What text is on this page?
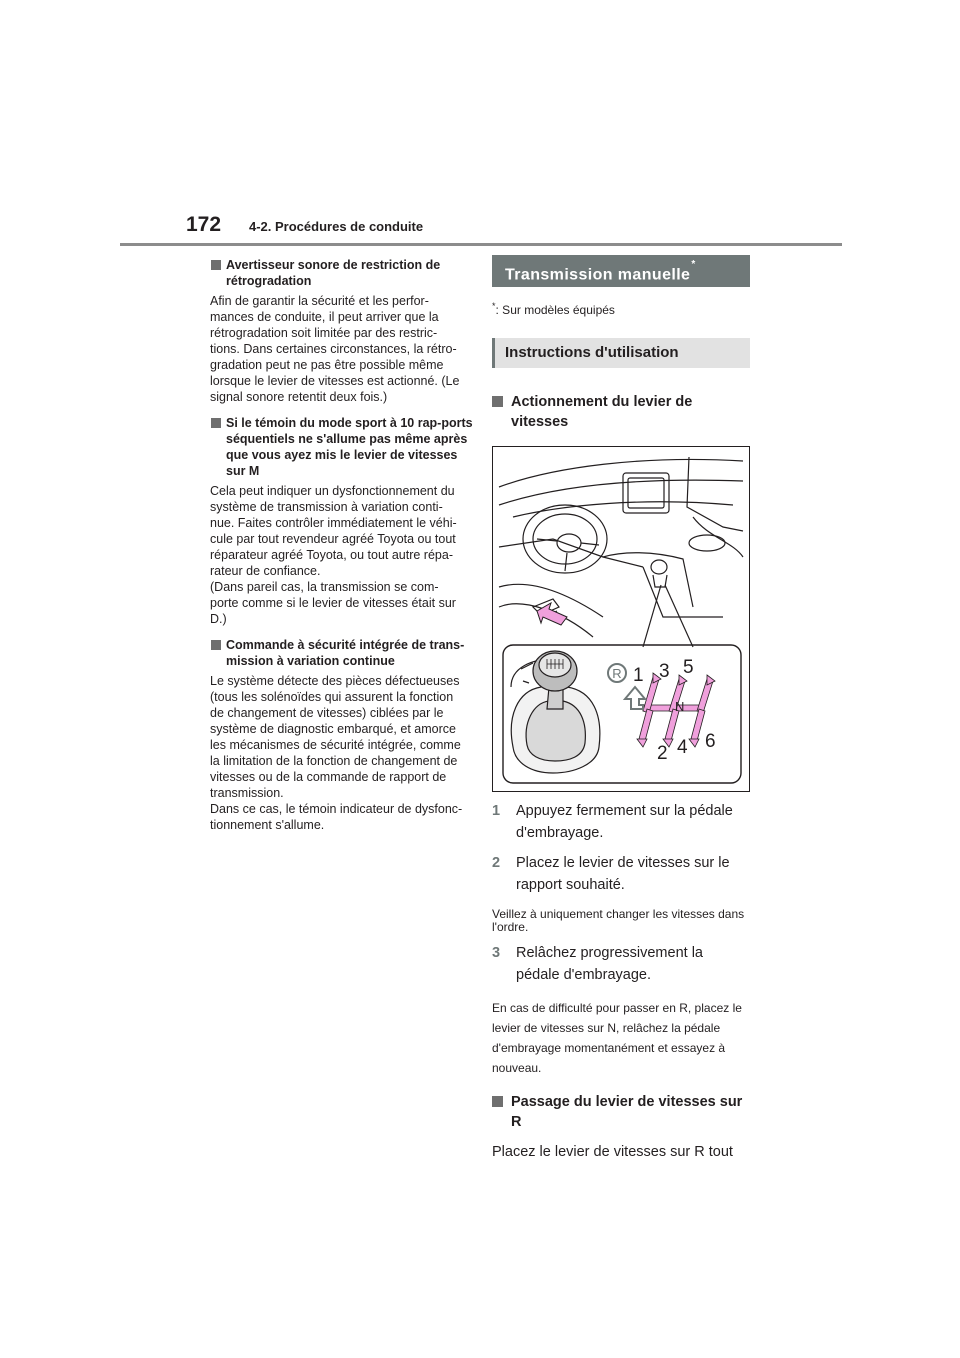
172 4-2. Procédures de conduite
Avertisseur sonore de restriction de rétrogradation
Afin de garantir la sécurité et les perfor-
mances de conduite, il peut arriver que la
rétrogradation soit limitée par des restric-
tions. Dans certaines circonstances, la rétro-
gradation peut ne pas être possible même
lorsque le levier de vitesses est actionné. (Le
signal sonore retentit deux fois.)
Si le témoin du mode sport à 10 rap-ports séquentiels ne s'allume pas même après que vous ayez mis le levier de vitesses sur M
Cela peut indiquer un dysfonctionnement du
système de transmission à variation conti-
nue. Faites contrôler immédiatement le véhi-
cule par tout revendeur agréé Toyota ou tout
réparateur agréé Toyota, ou tout autre répa-
rateur de confiance.
(Dans pareil cas, la transmission se com-
porte comme si le levier de vitesses était sur
D.)
Commande à sécurité intégrée de trans-mission à variation continue
Le système détecte des pièces défectueuses
(tous les solénoïdes qui assurent la fonction
de changement de vitesses) ciblées par le
système de diagnostic embarqué, et amorce
les mécanismes de sécurité intégrée, comme
la limitation de la fonction de changement de
vitesses ou de la commande de rapport de
transmission.
Dans ce cas, le témoin indicateur de dysfonc-
tionnement s'allume.
Transmission manuelle*
*: Sur modèles équipés
Instructions d'utilisation
Actionnement du levier de vitesses
R 1 3 5
N
2 4 6
1	Appuyez fermement sur la pédale
d'embrayage.
2	Placez le levier de vitesses sur le
rapport souhaité.
Veillez à uniquement changer les vitesses dans l'ordre.
3	Relâchez progressivement la
pédale d'embrayage.
En cas de difficulté pour passer en R, placez le levier de vitesses sur N, relâchez la pédale d'embrayage momentanément et essayez à nouveau.
Passage du levier de vitesses sur R
Placez le levier de vitesses sur R tout
